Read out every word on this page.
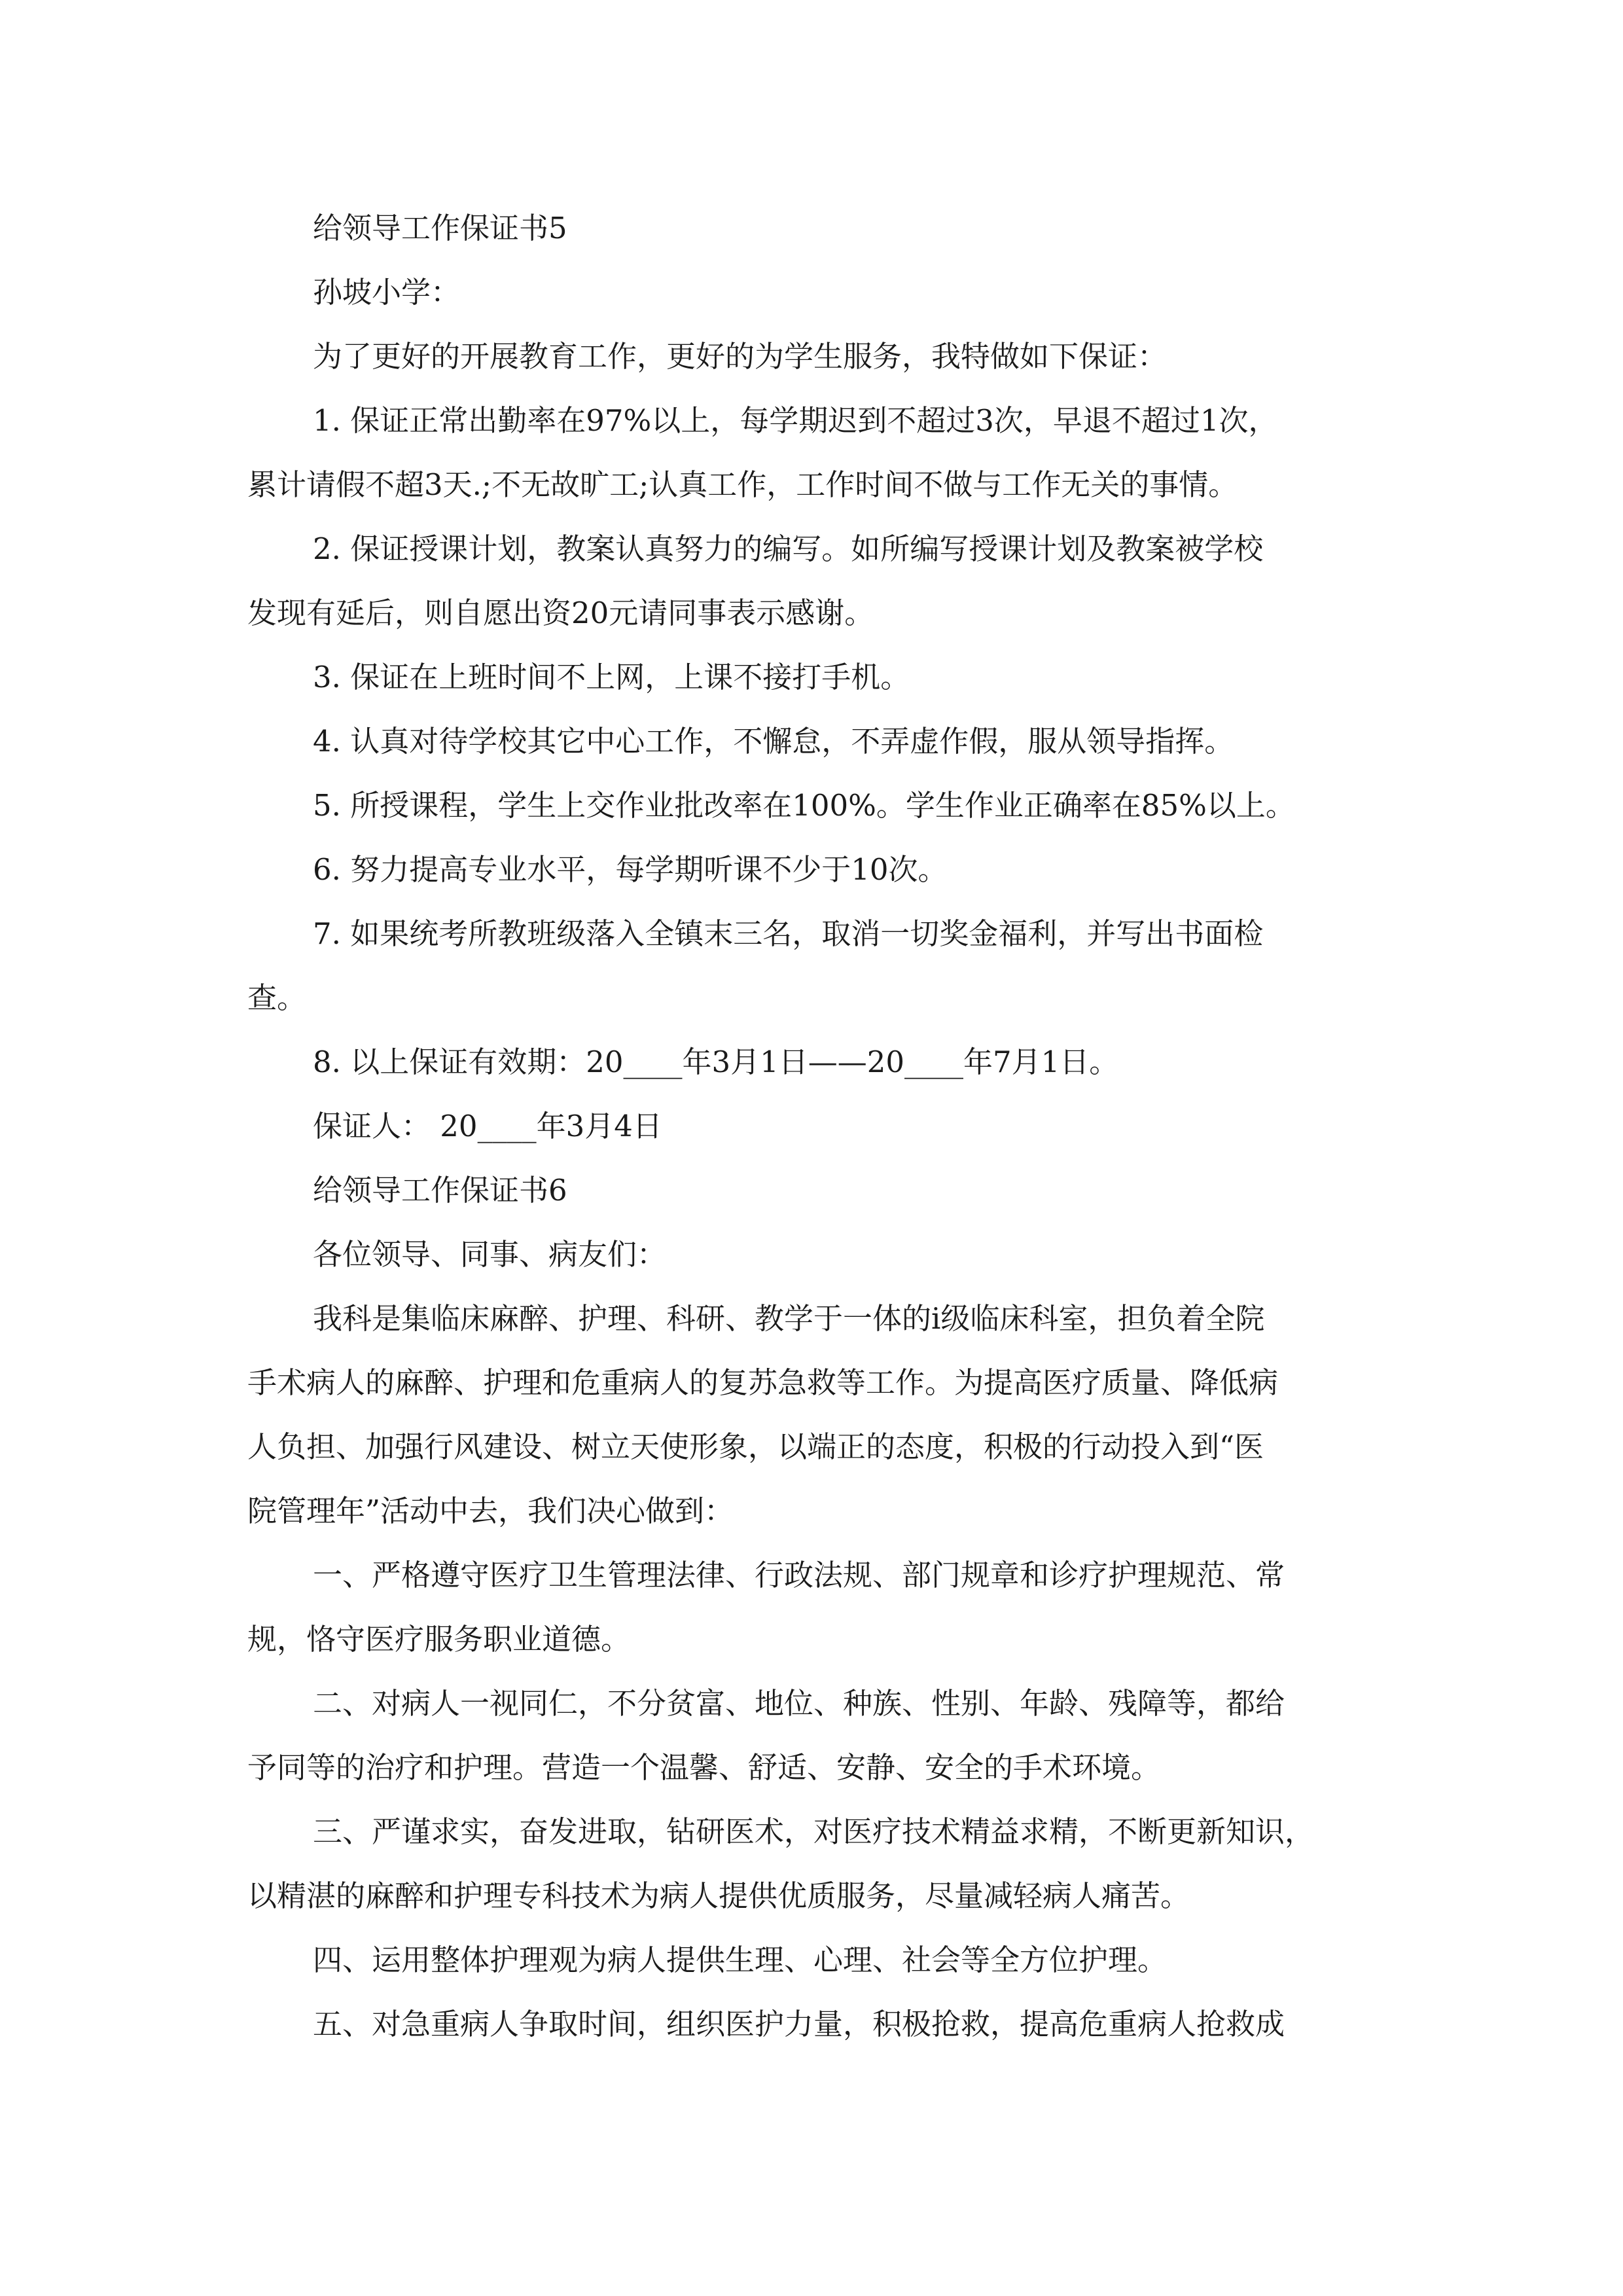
给领导工作保证书5
孙坡小学：
为了更好的开展教育工作，更好的为学生服务，我特做如下保证：
1. 保证正常出勤率在97%以上，每学期迟到不超过3次，早退不超过1次，
累计请假不超3天.;不无故旷工;认真工作，工作时间不做与工作无关的事情。
2. 保证授课计划，教案认真努力的编写。如所编写授课计划及教案被学校
发现有延后，则自愿出资20元请同事表示感谢。
3. 保证在上班时间不上网，上课不接打手机。
4. 认真对待学校其它中心工作，不懈怠，不弄虚作假，服从领导指挥。
5. 所授课程，学生上交作业批改率在100%。学生作业正确率在85%以上。
6. 努力提高专业水平，每学期听课不少于10次。
7. 如果统考所教班级落入全镇末三名，取消一切奖金福利，并写出书面检
查。
8. 以上保证有效期：20____年3月1日——20____年7月1日。
保证人： 20____年3月4日
给领导工作保证书6
各位领导、同事、病友们：
我科是集临床麻醉、护理、科研、教学于一体的ⅰ级临床科室，担负着全院
手术病人的麻醉、护理和危重病人的复苏急救等工作。为提高医疗质量、降低病
人负担、加强行风建设、树立天使形象，以端正的态度，积极的行动投入到“医
院管理年”活动中去，我们决心做到：
一、严格遵守医疗卫生管理法律、行政法规、部门规章和诊疗护理规范、常
规，恪守医疗服务职业道德。
二、对病人一视同仁，不分贫富、地位、种族、性别、年龄、残障等，都给
予同等的治疗和护理。营造一个温馨、舒适、安静、安全的手术环境。
三、严谨求实，奋发进取，钻研医术，对医疗技术精益求精，不断更新知识，
以精湛的麻醉和护理专科技术为病人提供优质服务，尽量减轻病人痛苦。
四、运用整体护理观为病人提供生理、心理、社会等全方位护理。
五、对急重病人争取时间，组织医护力量，积极抢救，提高危重病人抢救成
